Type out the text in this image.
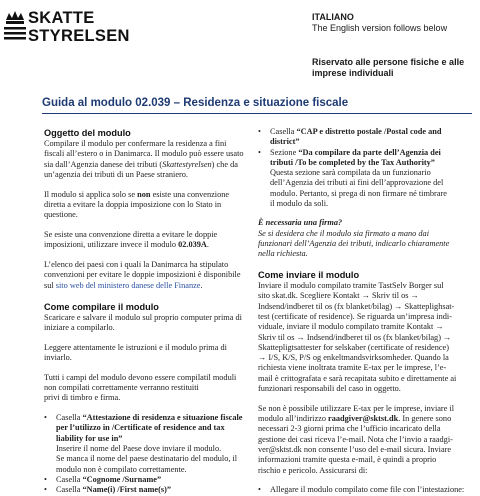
SKATTE
STYRELSEN
ITALIANO
The English version follows below
Riservato alle persone fisiche e alle
imprese individuali
Guida al modulo 02.039 – Residenza e situazione fiscale
Oggetto del modulo

Compilare il modulo per confermare la residenza a fini
fiscali all’estero o in Danimarca. Il modulo può essere usato
sia dall’Agenzia danese dei tributi (Skattestyrelsen) che da
un’agenzia dei tributi di un Paese straniero.

Il modulo si applica solo se non esiste una convenzione
diretta a evitare la doppia imposizione con lo Stato in
questione.

Se esiste una convenzione diretta a evitare le doppie
imposizioni, utilizzare invece il modulo 02.039A.

L’elenco dei paesi con i quali la Danimarca ha stipulato
convenzioni per evitare le doppie imposizioni è disponibile
sul sito web del ministero danese delle Finanze.

Come compilare il modulo

Scaricare e salvare il modulo sul proprio computer prima di
iniziare a compilarlo.

Leggere attentamente le istruzioni e il modulo prima di
inviarlo.

Tutti i campi del modulo devono essere compilatil moduli
non compilati correttamente verranno restituiti
privi di timbro e firma.

• Casella “Attestazione di residenza e situazione fiscale
per l’utilizzo in /Certificate of residence and tax
liability for use in”
Inserire il nome del Paese dove inviare il modulo.
Se manca il nome del paese destinatario del modulo, il
modulo non è compilato correttamente.
• Casella “Cognome /Surname”
• Casella “Name(i) /First name(s)”
• Casella “CAP e distretto postale /Postal code and
district”
• Sezione “Da compilare da parte dell’Agenzia dei
tributi /To be completed by the Tax Authority”
Questa sezione sarà compilata da un funzionario
dell’Agenzia dei tributi ai fini dell’approvazione del
modulo. Pertanto, si prega di non firmare né timbrare
il modulo da soli.

È necessaria una firma?
Se si desidera che il modulo sia firmato a mano dai
funzionari dell’Agenzia dei tributi, indicarlo chiaramente
nella richiesta.

Come inviare il modulo

Inviare il modulo compilato tramite TastSelv Borger sul
sito skat.dk. Scegliere Kontakt → Skriv til os →
Indsend/indberet til os (fx blanket/bilag) → Skatteplighsat-
test (certificate of residence). Se riguarda un’impresa indi-
viduale, inviare il modulo compilato tramite Kontakt →
Skriv til os → Indsend/indberet til os (fx blanket/bilag) →
Skattepligtsattester for selskaber (certificate of residence)
→ I/S, K/S, P/S og enkeltmandsvirksomheder. Quando la
richiesta viene inoltrata tramite E-tax per le imprese, l’e-
mail è crittografata e sarà recapitata subito e direttamente ai
funzionari responsabili del caso in oggetto.

Se non è possibile utilizzare E-tax per le imprese, inviare il
modulo all’indirizzo raadgiver@sktst.dk. In genere sono
necessari 2-3 giorni prima che l’ufficio incaricato della
gestione dei casi riceva l’e-mail. Nota che l’invio a raadgi-
ver@sktst.dk non consente l’uso del e-mail sicura. Inviare
informazioni tramite questa e-mail, è quindi a proprio
rischio e pericolo. Assicurarsi di:

• Allegare il modulo compilato come file con l’intestazione:
